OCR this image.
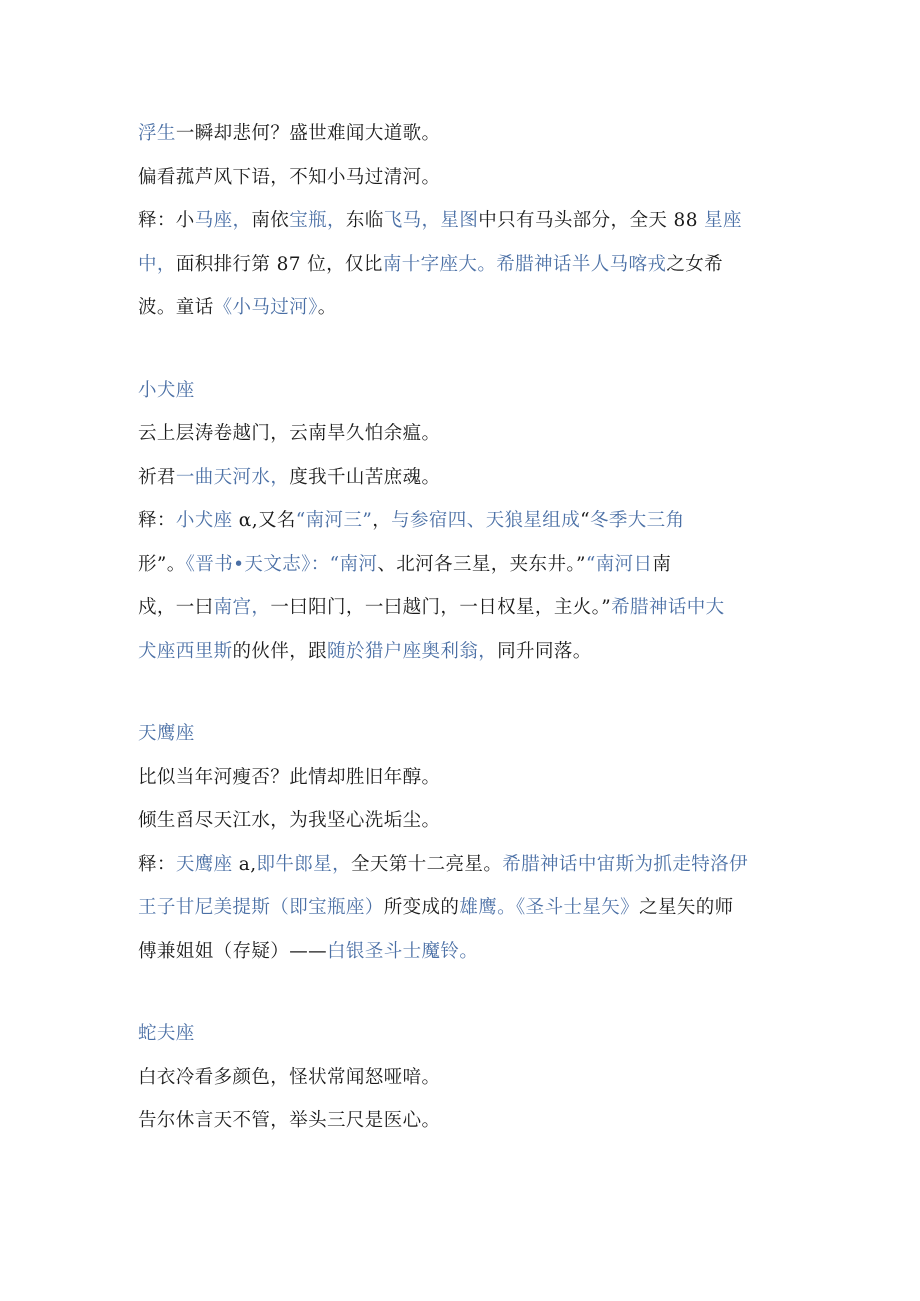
浮生一瞬却悲何？盛世难闻大道歌。
偏看菰芦风下语，不知小马过清河。
释：小马座，南依宝瓶，东临飞马，星图中只有马头部分，全天 88 星座
中，面积排行第 87 位，仅比南十字座大。希腊神话半人马喀戎之女希
波。童话《小马过河》。
小犬座
云上层涛卷越门，云南旱久怕余瘟。
祈君一曲天河水，度我千山苦庶魂。
释：小犬座 α,又名“南河三”，与参宿四、天狼星组成“冬季大三角
形”。《晋书•天文志》：“南河、北河各三星，夹东井。”“南河日南
戍，一曰南宫，一曰阳门，一曰越门，一日权星，主火。”希腊神话中大
犬座西里斯的伙伴，跟随於猎户座奥利翁，同升同落。
天鹰座
比似当年河瘦否？此情却胜旧年醇。
倾生舀尽天江水，为我坚心洗垢尘。
释：天鹰座 a,即牛郎星，全天第十二亮星。希腊神话中宙斯为抓走特洛伊
王子甘尼美提斯（即宝瓶座）所变成的雄鹰。《圣斗士星矢》之星矢的师
傅兼姐姐（存疑）——白银圣斗士魔铃。
蛇夫座
白衣冷看多颜色，怪状常闻怒哑喑。
告尔休言天不管，举头三尺是医心。
